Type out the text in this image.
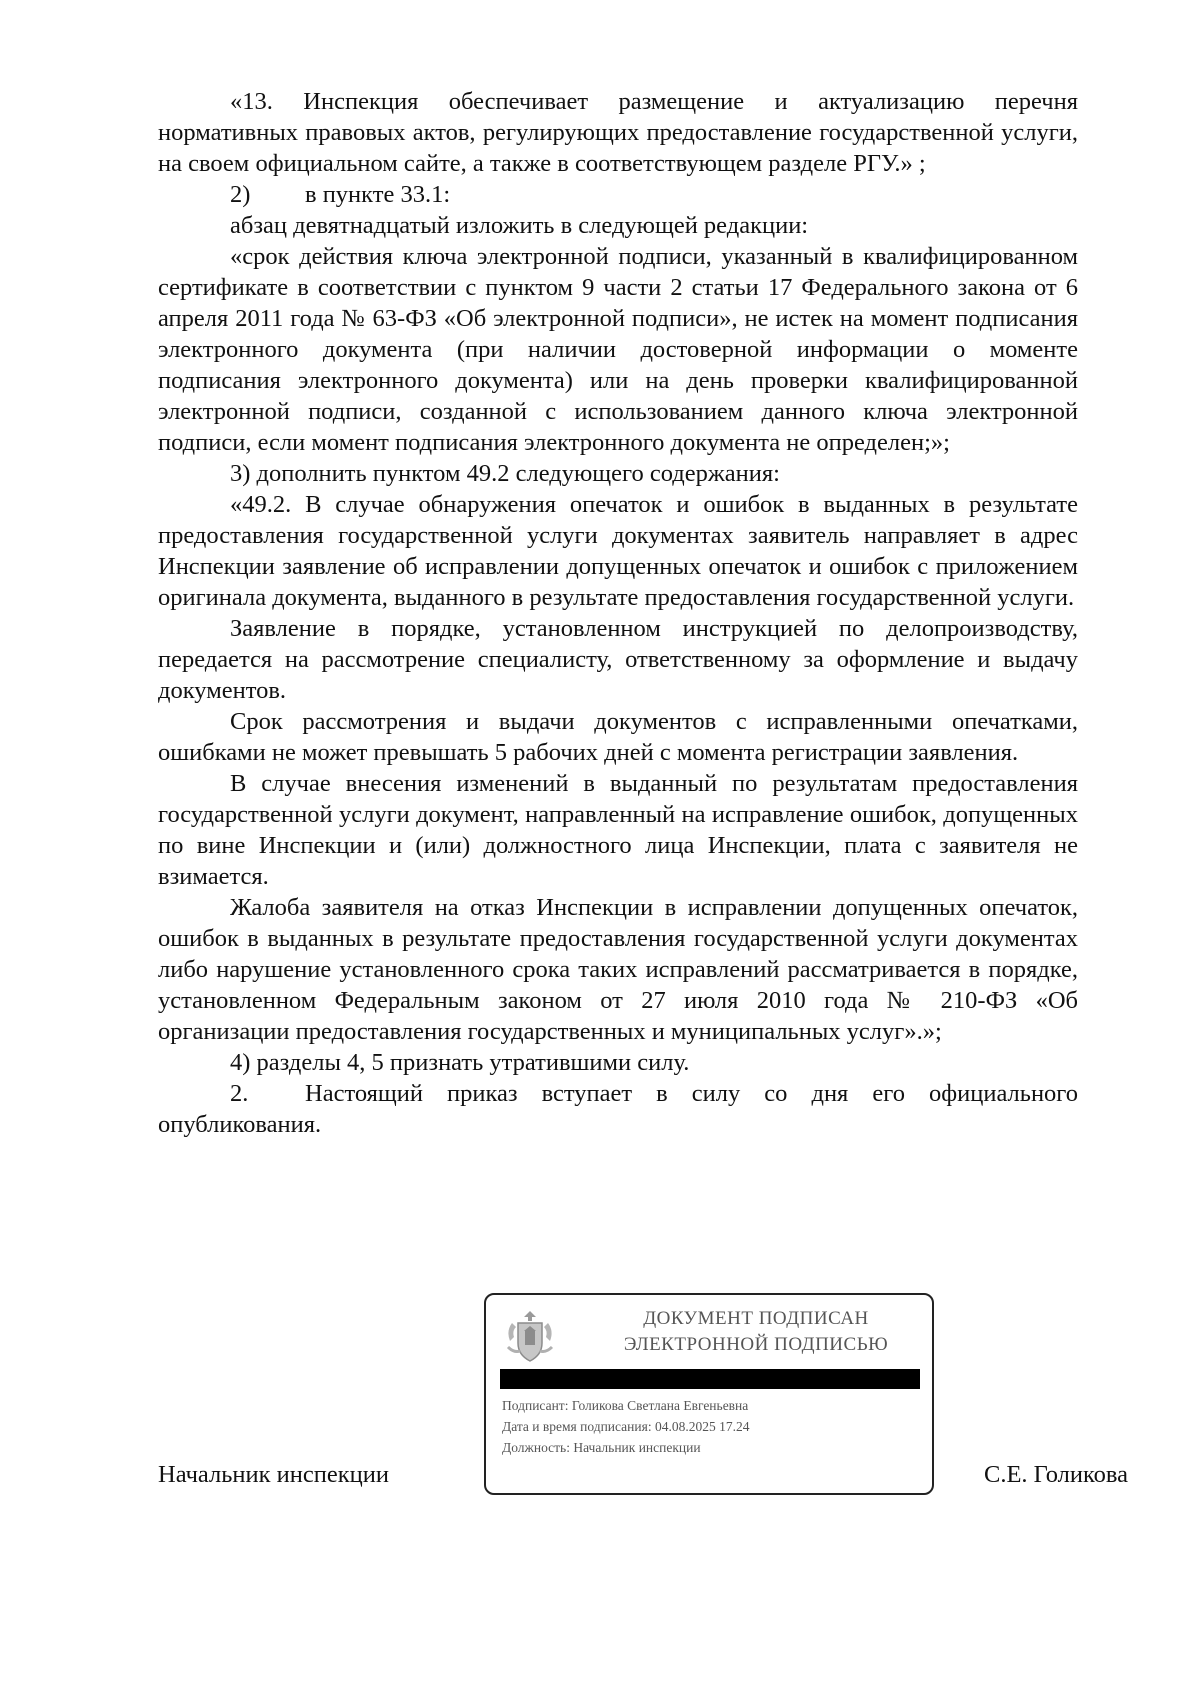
«13. Инспекция обеспечивает размещение и актуализацию перечня нормативных правовых актов, регулирующих предоставление государственной услуги, на своем официальном сайте, а также в соответствующем разделе РГУ.» ;

2) в пункте 33.1:

абзац девятнадцатый изложить в следующей редакции:

«срок действия ключа электронной подписи, указанный в квалифицированном сертификате в соответствии с пунктом 9 части 2 статьи 17 Федерального закона от 6 апреля 2011 года № 63-ФЗ «Об электронной подписи», не истек на момент подписания электронного документа (при наличии достоверной информации о моменте подписания электронного документа) или на день проверки квалифицированной электронной подписи, созданной с использованием данного ключа электронной подписи, если момент подписания электронного документа не определен;»;

3) дополнить пунктом 49.2 следующего содержания:

«49.2. В случае обнаружения опечаток и ошибок в выданных в результате предоставления государственной услуги документах заявитель направляет в адрес Инспекции заявление об исправлении допущенных опечаток и ошибок с приложением оригинала документа, выданного в результате предоставления государственной услуги.

Заявление в порядке, установленном инструкцией по делопроизводству, передается на рассмотрение специалисту, ответственному за оформление и выдачу документов.

Срок рассмотрения и выдачи документов с исправленными опечатками, ошибками не может превышать 5 рабочих дней с момента регистрации заявления.

В случае внесения изменений в выданный по результатам предоставления государственной услуги документ, направленный на исправление ошибок, допущенных по вине Инспекции и (или) должностного лица Инспекции, плата с заявителя не взимается.

Жалоба заявителя на отказ Инспекции в исправлении допущенных опечаток, ошибок в выданных в результате предоставления государственной услуги документах либо нарушение установленного срока таких исправлений рассматривается в порядке, установленном Федеральным законом от 27 июля 2010 года № 210-ФЗ «Об организации предоставления государственных и муниципальных услуг».»;

4) разделы 4, 5 признать утратившими силу.

2. Настоящий приказ вступает в силу со дня его официального опубликования.

ДОКУМЕНТ ПОДПИСАН
ЭЛЕКТРОННОЙ ПОДПИСЬЮ
Подписант: Голикова Светлана Евгеньевна
Дата и время подписания: 04.08.2025 17.24
Должность: Начальник инспекции
Начальник инспекции	С.Е. Голикова
